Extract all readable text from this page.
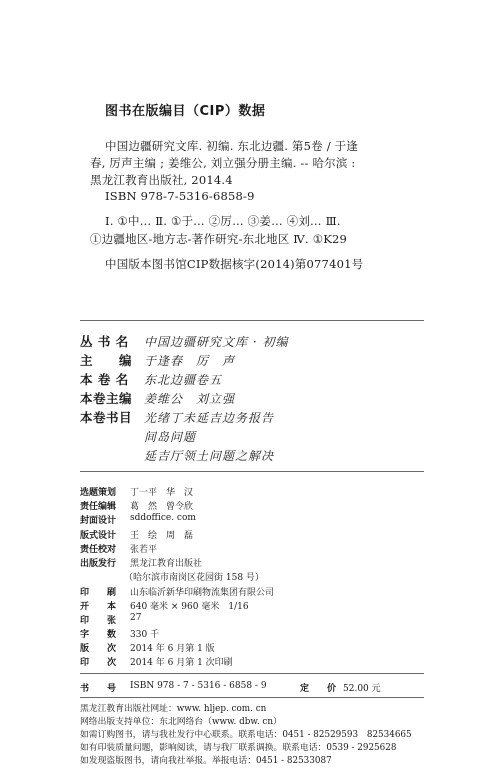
图书在版编目（CIP）数据
中国边疆研究文库. 初编. 东北边疆. 第5卷 / 于逢
春, 厉声主编 ; 姜维公, 刘立强分册主编. -- 哈尔滨 :
黑龙江教育出版社, 2014.4
ISBN 978-7-5316-6858-9
Ⅰ. ①中… Ⅱ. ①于… ②厉… ③姜… ④刘… Ⅲ.
①边疆地区-地方志-著作研究-东北地区 Ⅳ. ①K29
中国版本图书馆CIP数据核字(2014)第077401号
丛 书 名 中国边疆研究文库 · 初编
主　　编 于逢春　厉　声
本 卷 名 东北边疆卷五
本卷主编 姜维公　刘立强
本卷书目 光绪丁未延吉边务报告
间岛问题
延吉厅领土问题之解决
选题策划 丁一平　华　汉
责任编辑 葛　然　曾令欣
封面设计 sddoffice. com
版式设计 王　绘　周　磊
责任校对 张若平
出版发行 黑龙江教育出版社
（哈尔滨市南岗区花园街 158 号）
印　　刷 山东临沂新华印刷物流集团有限公司
开　　本 640 毫米 × 960 毫米　1/16
印　　张 27
字　　数 330 千
版　　次 2014 年 6 月第 1 版
印　　次 2014 年 6 月第 1 次印刷
书　　号 ISBN 978 - 7 - 5316 - 6858 - 9	定　　价 52.00 元
黑龙江教育出版社网址：www. hljep. com. cn
网络出版支持单位：东北网络台（www. dbw. cn）
如需订购图书，请与我社发行中心联系。联系电话：0451 - 82529593　82534665
如有印装质量问题，影响阅读，请与我厂联系调换。联系电话：0539 - 2925628
如发现盗版图书，请向我社举报。举报电话：0451 - 82533087
